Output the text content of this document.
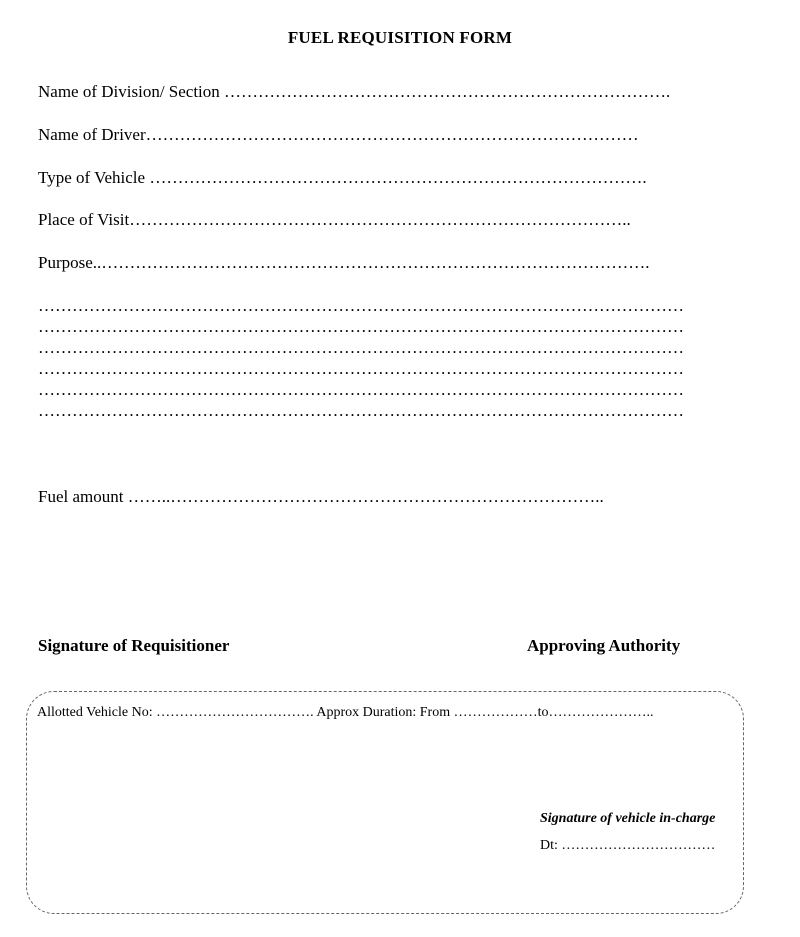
FUEL REQUISITION FORM
Name of Division/ Section …………………………………………………………………….
Name of Driver……………………………………………………………………………
Type of Vehicle …………………………………………………………………………….
Place of Visit……………………………………………………………………………..
Purpose..…………………………………………………………………………………….
……………………………………………………………………………………………………
……………………………………………………………………………………………………
……………………………………………………………………………………………………
……………………………………………………………………………………………………
……………………………………………………………………………………………………
……………………………………………………………………………………………………
Fuel amount ……..…………………………………………………………………..
Signature of Requisitioner	Approving Authority
Allotted Vehicle No: ……………………………. Approx Duration: From ………………to…………………..
Signature of vehicle in-charge
Dt: ……………………………
